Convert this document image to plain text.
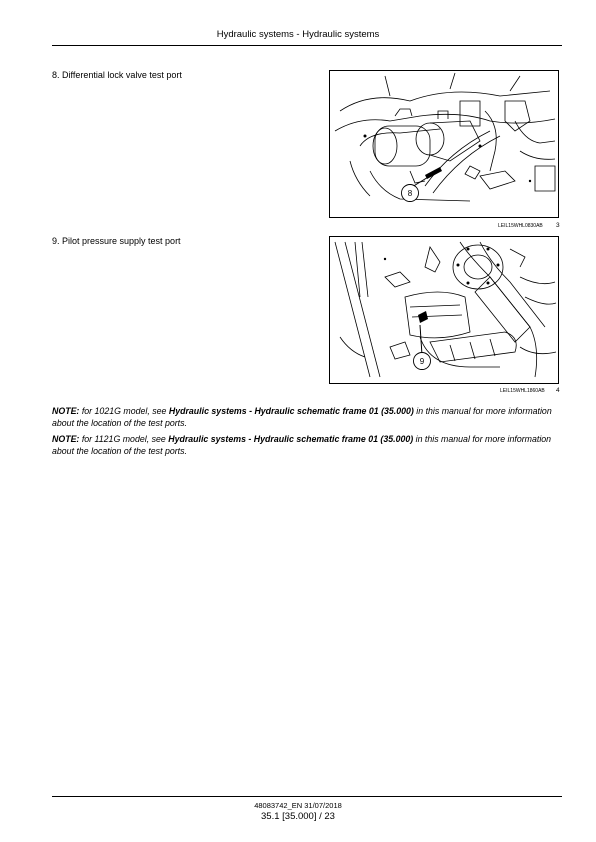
Hydraulic systems - Hydraulic systems
8. Differential lock valve test port
8
LEIL15WHL0830AB 3
9. Pilot pressure supply test port
9
LEIL15WHL1860AB 4
NOTE: for 1021G model, see Hydraulic systems - Hydraulic schematic frame 01 (35.000) in this manual for more information about the location of the test ports.
NOTE: for 1121G model, see Hydraulic systems - Hydraulic schematic frame 01 (35.000) in this manual for more information about the location of the test ports.
48083742_EN 31/07/2018
35.1 [35.000] / 23
